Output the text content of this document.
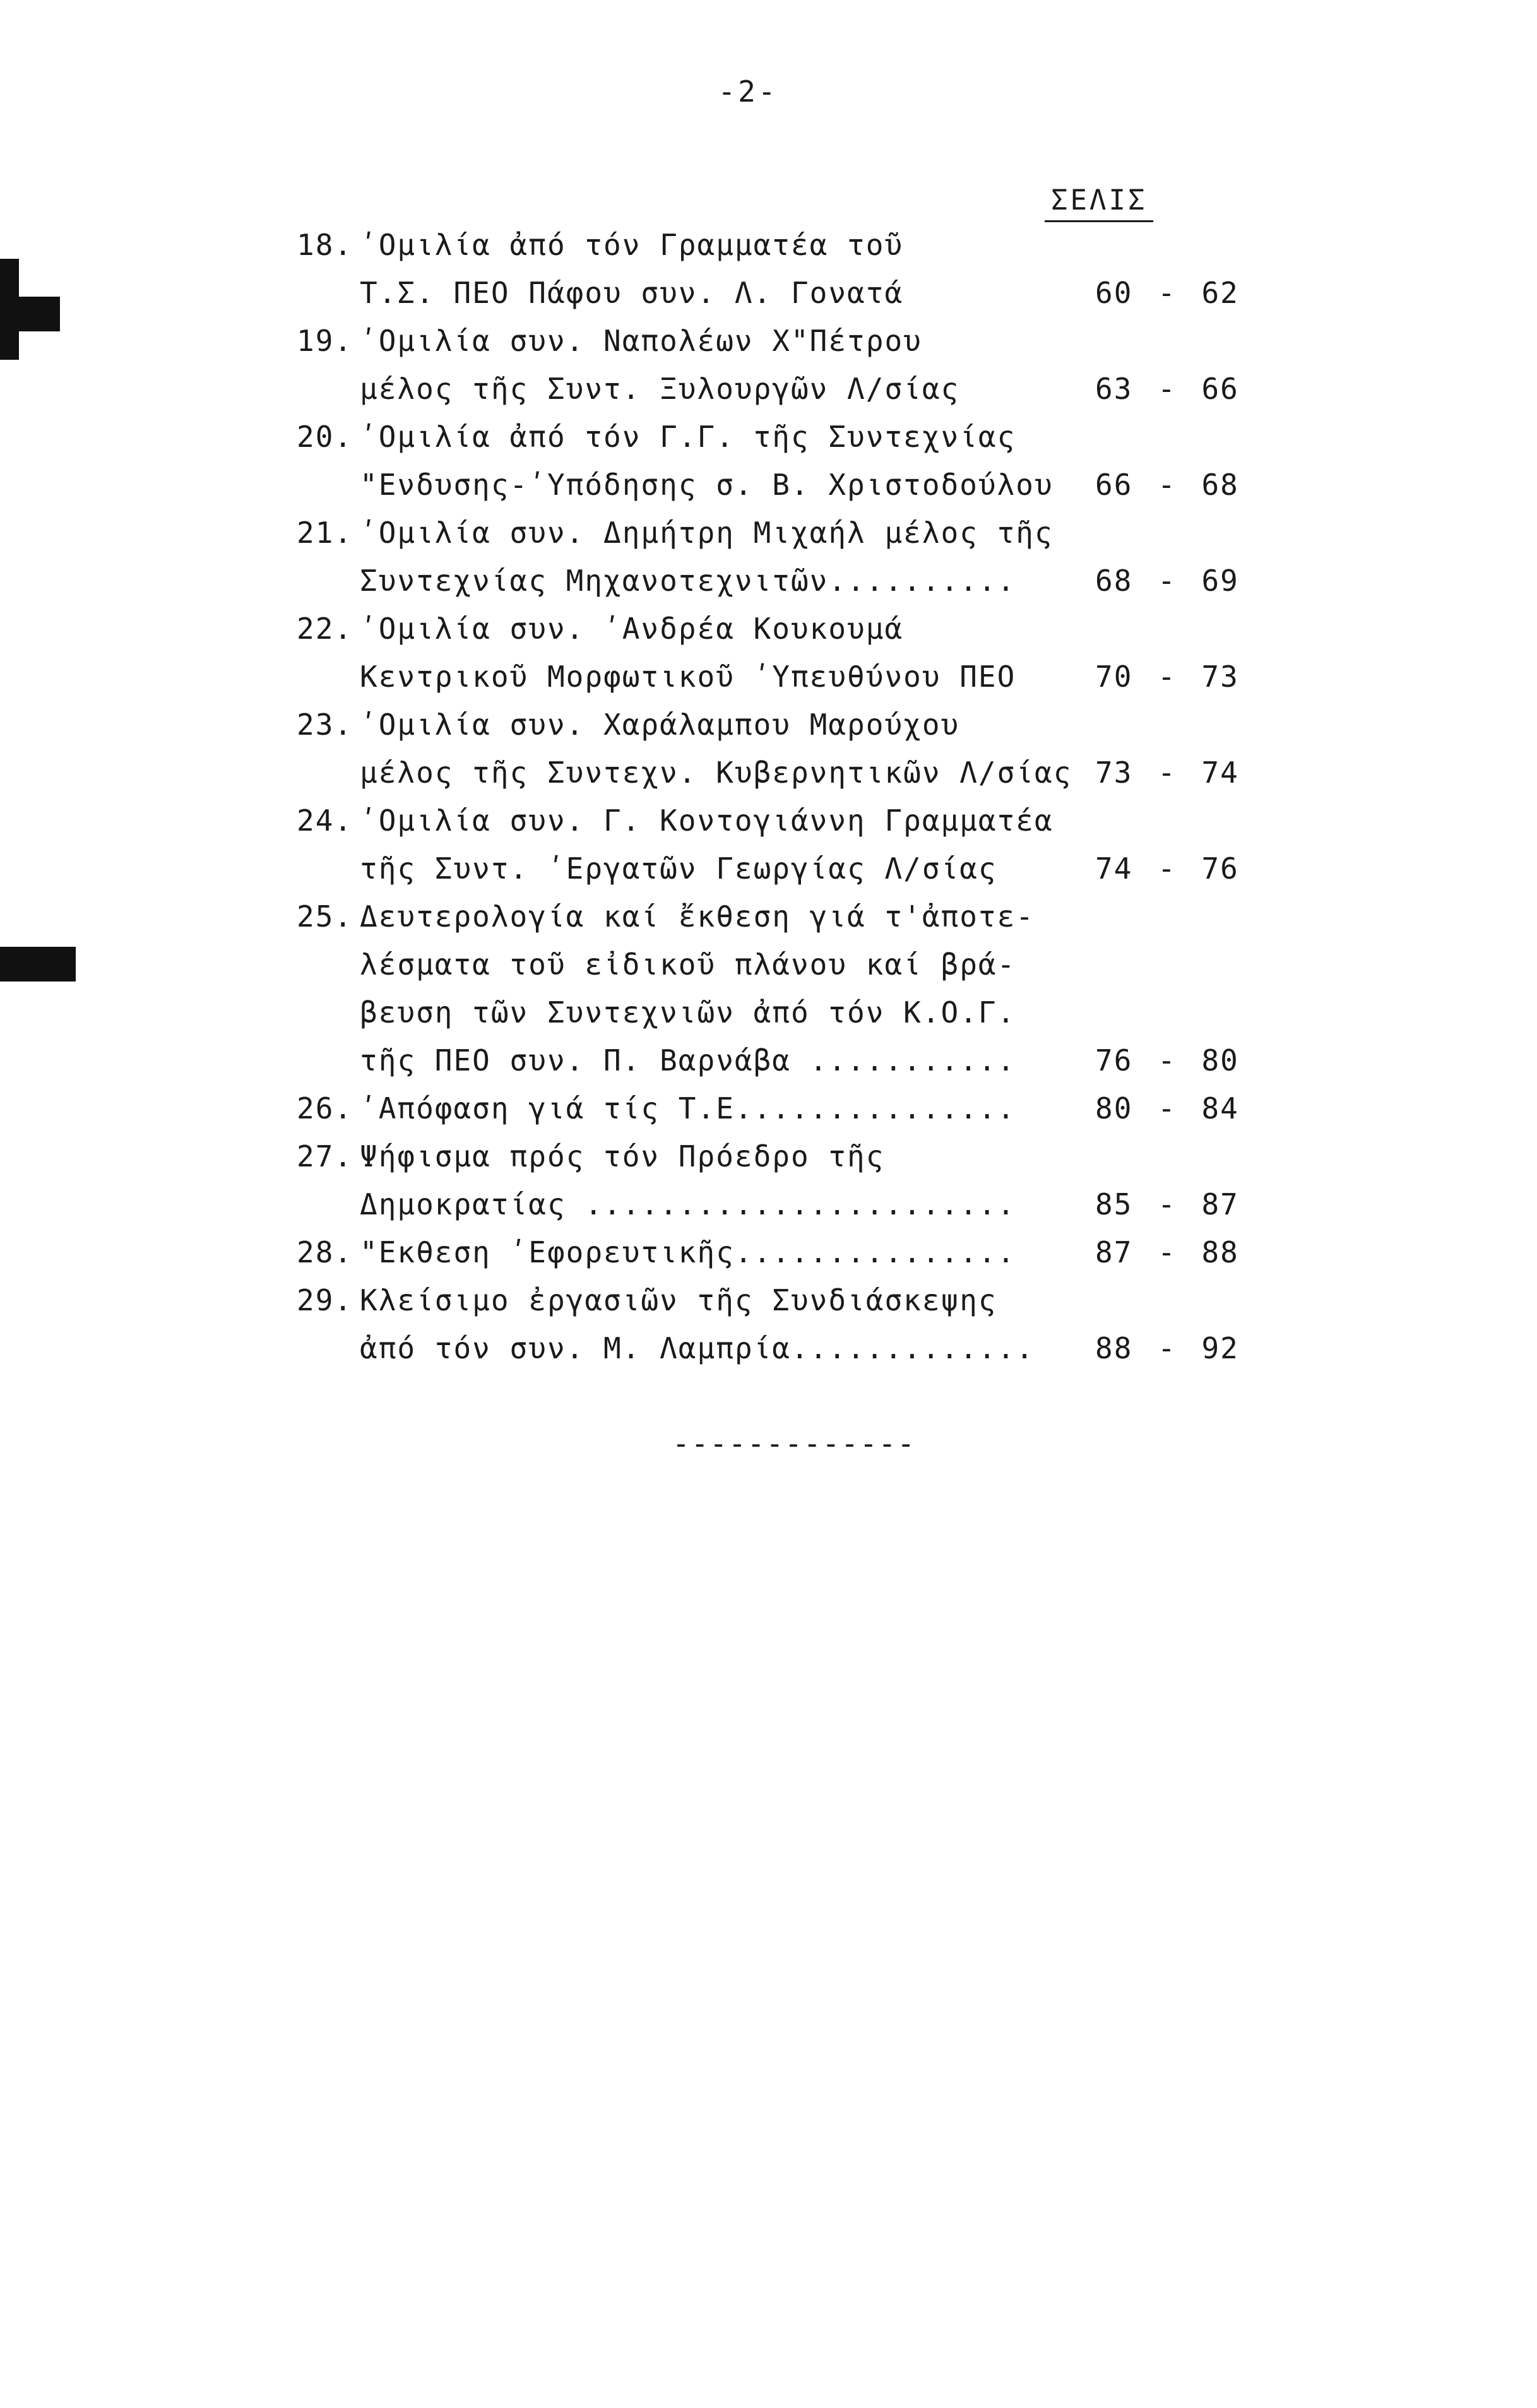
-2-
ΣΕΛΙΣ
18. ʹΟμιλία ἀπό τόν Γραμματέα τοῦ
Τ.Σ. ΠΕΟ Πάφου συν. Λ. Γονατά	60 - 62
19. ʹΟμιλία συν. Ναπολέων Χ"Πέτρου
μέλος τῆς Συντ. Ξυλουργῶν Λ/σίας	63 - 66
20. ʹΟμιλία ἀπό τόν Γ.Γ. τῆς Συντεχνίας
"Ενδυσης-ʹΥπόδησης σ. Β. Χριστοδούλου 66 - 68
21. ʹΟμιλία συν. Δημήτρη Μιχαήλ μέλος τῆς
Συντεχνίας Μηχανοτεχνιτῶν..........	68 - 69
22. ʹΟμιλία συν. ʹΑνδρέα Κουκουμά
Κεντρικοῦ Μορφωτικοῦ ʹΥπευθύνου ΠΕΟ	70 - 73
23. ʹΟμιλία συν. Χαράλαμπου Μαρούχου
μέλος τῆς Συντεχν. Κυβερνητικῶν Λ/σίας 73 - 74
24. ʹΟμιλία συν. Γ. Κοντογιάννη Γραμματέα
τῆς Συντ. ʹΕργατῶν Γεωργίας Λ/σίας	74 - 76
25. Δευτερολογία καί ἔκθεση γιά τ'ἀποτε-
λέσματα τοῦ εἰδικοῦ πλάνου καί βρά-
βευση τῶν Συντεχνιῶν ἀπό τόν Κ.Ο.Γ.
τῆς ΠΕΟ συν. Π. Βαρνάβα ...........	76 - 80
26. ʹΑπόφαση γιά τίς Τ.Ε...............	80 - 84
27. Ψήφισμα πρός τόν Πρόεδρο τῆς
Δημοκρατίας .......................	85 - 87
28. "Εκθεση ʹΕφορευτικῆς...............	87 - 88
29. Κλείσιμο ἐργασιῶν τῆς Συνδιάσκεψης
ἀπό τόν συν. Μ. Λαμπρία............. 88 - 92
-------------
